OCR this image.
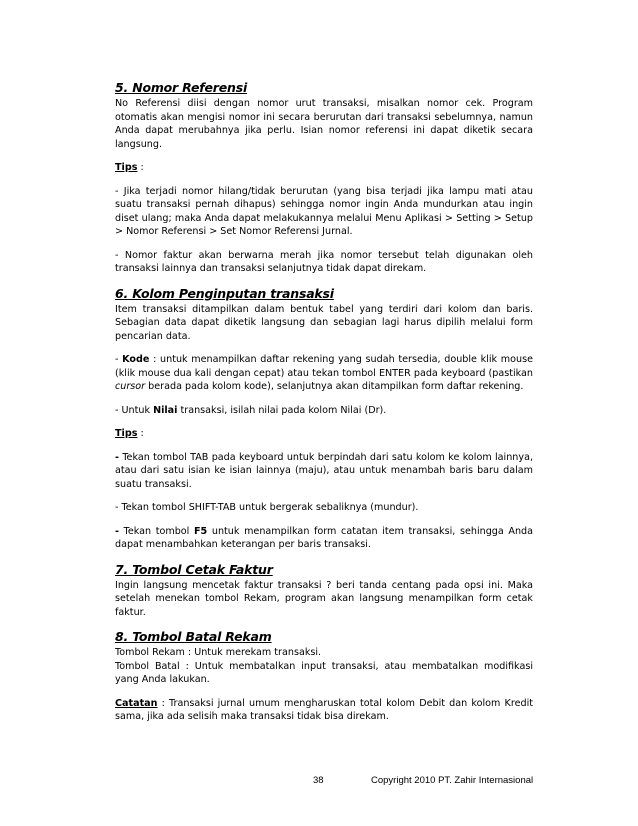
5. Nomor Referensi

No Referensi diisi dengan nomor urut transaksi, misalkan nomor cek. Program otomatis akan mengisi nomor ini secara berurutan dari transaksi sebelumnya, namun Anda dapat merubahnya jika perlu. Isian nomor referensi ini dapat diketik secara langsung.

Tips :

- Jika terjadi nomor hilang/tidak berurutan (yang bisa terjadi jika lampu mati atau suatu transaksi pernah dihapus) sehingga nomor ingin Anda mundurkan atau ingin diset ulang; maka Anda dapat melakukannya melalui Menu Aplikasi > Setting > Setup > Nomor Referensi > Set Nomor Referensi Jurnal.

- Nomor faktur akan berwarna merah jika nomor tersebut telah digunakan oleh transaksi lainnya dan transaksi selanjutnya tidak dapat direkam.

6. Kolom Penginputan transaksi

Item transaksi ditampilkan dalam bentuk tabel yang terdiri dari kolom dan baris. Sebagian data dapat diketik langsung dan sebagian lagi harus dipilih melalui form pencarian data.

- Kode : untuk menampilkan daftar rekening yang sudah tersedia, double klik mouse (klik mouse dua kali dengan cepat) atau tekan tombol ENTER pada keyboard (pastikan cursor berada pada kolom kode), selanjutnya akan ditampilkan form daftar rekening.

- Untuk Nilai transaksi, isilah nilai pada kolom Nilai (Dr).

Tips :

- Tekan tombol TAB pada keyboard untuk berpindah dari satu kolom ke kolom lainnya, atau dari satu isian ke isian lainnya (maju), atau untuk menambah baris baru dalam suatu transaksi.

- Tekan tombol SHIFT-TAB untuk bergerak sebaliknya (mundur).

- Tekan tombol F5 untuk menampilkan form catatan item transaksi, sehingga Anda dapat menambahkan keterangan per baris transaksi.

7. Tombol Cetak Faktur

Ingin langsung mencetak faktur transaksi ? beri tanda centang pada opsi ini. Maka setelah menekan tombol Rekam, program akan langsung menampilkan form cetak faktur.

8. Tombol Batal Rekam

Tombol Rekam : Untuk merekam transaksi.

Tombol Batal : Untuk membatalkan input transaksi, atau membatalkan modifikasi yang Anda lakukan.

Catatan : Transaksi jurnal umum mengharuskan total kolom Debit dan kolom Kredit sama, jika ada selisih maka transaksi tidak bisa direkam.

38	Copyright 2010 PT. Zahir Internasional
